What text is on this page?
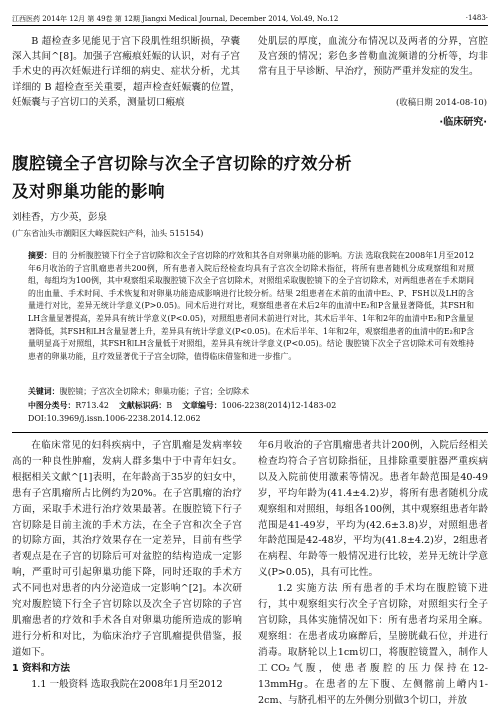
江西医药 2014年 12月 第 49卷 第 12期 Jiangxi Medical Journal, December 2014, Vol.49, No.12	·1483·

B 超检查多见能见于宫下段肌性组织断损，孕囊深入其间^[8]。加强子宫瘢痕妊娠的认识，对有子宫手术史的再次妊娠进行详细的病史、症状分析，尤其详细的 B 超检查至关重要，超声检查妊娠囊的位置，妊娠囊与子宫切口的关系，测量切口瘢痕

处肌层的厚度，血流分布情况以及两者的分界，宫腔及宫颈的情况；彩色多普勒血流频谱的分析等，均非常有且于早诊断、早治疗，预防严重并发症的发生。

(收稿日期 2014-08-10)
·临床研究·
腹腔镜全子宫切除与次全子宫切除的疗效分析
及对卵巢功能的影响
刘桂香，方少英，彭泉
(广东省汕头市潮阳区大峰医院妇产科，汕头 515154)
摘要：目的 分析腹腔镜下行全子宫切除和次全子宫切除的疗效和其各自对卵巢功能的影响。方法 选取我院在2008年1月至2012年6月收治的子宫肌瘤患者共200例，所有患者入院后经检查均具有子宫次全切除术指征，将所有患者随机分成观察组和对照组，每组均为100例，其中观察组采取腹腔镜下次全子宫切除术，对照组采取腹腔镜下的全子宫切除术，对两组患者在手术期间的出血量、手术时间、手术恢复和对卵巢功能造成影响进行比较分析。结果 2组患者在术前的血清中E₂、P、FSH以及LH的含量进行对比，差异无统计学意义(P>0.05)。同术后进行对比，观察组患者在术后2年的血清中E₂和P含量显著降低，其FSH和LH含量显著提高，差异具有统计学意义(P<0.05)，对照组患者同术前进行对比，其术后半年、1年和2年的血清中E₂和P含量显著降低，其FSH和LH含量显著上升，差异具有统计学意义(P<0.05)。在术后半年、1年和2年，观察组患者的血清中的E₂和P含量明显高于对照组，其FSH和LH含量低于对照组，差异具有统计学意义(P<0.05)。结论 腹腔镜下次全子宫切除术可有效维持患者的卵巢功能，且疗效显著优于子宫全切除，值得临床借鉴和进一步推广。
关键词：腹腔镜；子宫次全切除术；卵巢功能；子宫；全切除术
中图分类号：R713.42 文献标识码：B 文章编号：1006-2238(2014)12-1483-02
DOI:10.3969/j.issn.1006-2238.2014.12.062

在临床常见的妇科疾病中，子宫肌瘤是发病率较高的一种良性肿瘤，发病人群多集中于中青年妇女。根据相关文献^[1]表明，在年龄高于35岁的妇女中，患有子宫肌瘤所占比例约为20%。在子宫肌瘤的治疗方面，采取手术进行治疗效果最著。在腹腔镜下行子宫切除是目前主流的手术方法，在全子宫和次全子宫的切除方面，其治疗效果存在一定差异，目前有些学者观点是在子宫的切除后可对盆腔的结构造成一定影响，严重时可引起卵巢功能下降，同时还取的手术方式不同也对患者的内分泌造成一定影响^[2]。本次研究对腹腔镜下行全子宫切除以及次全子宫切除的子宫肌瘤患者的疗效和手术各自对卵巢功能所造成的影响进行分析和对比，为临床治疗子宫肌瘤提供借鉴，报道如下。

1 资料和方法

1.1 一般资料 选取我院在2008年1月至2012

年6月收治的子宫肌瘤患者共计200例，入院后经相关检查均符合子宫切除指征，且排除重要脏器严重疾病以及入院前使用激素等情况。患者年龄范围是40-49岁，平均年龄为(41.4±4.2)岁，将所有患者随机分成观察组和对照组，每组各100例，其中观察组患者年龄范围是41-49岁，平均为(42.6±3.8)岁，对照组患者年龄范围是42-48岁，平均为(41.8±4.2)岁，2组患者在病程、年龄等一般情况进行比较，差异无统计学意义(P>0.05)，具有可比性。

1.2 实施方法 所有患者的手术均在腹腔镜下进行，其中观察组实行次全子宫切除，对照组实行全子宫切除，具体实施情况如下：所有患者均采用全麻。观察组：在患者成功麻醉后，呈膀胱截石位，并进行消毒。取脐轮以上1cm切口，将腹腔镜置入，制作人工CO₂气腹，使患者腹腔的压力保持在12-13mmHg。在患者的左下腹、左侧髂前上嵴内1-2cm、与脐孔相平的左外侧分别做3个切口，并放
